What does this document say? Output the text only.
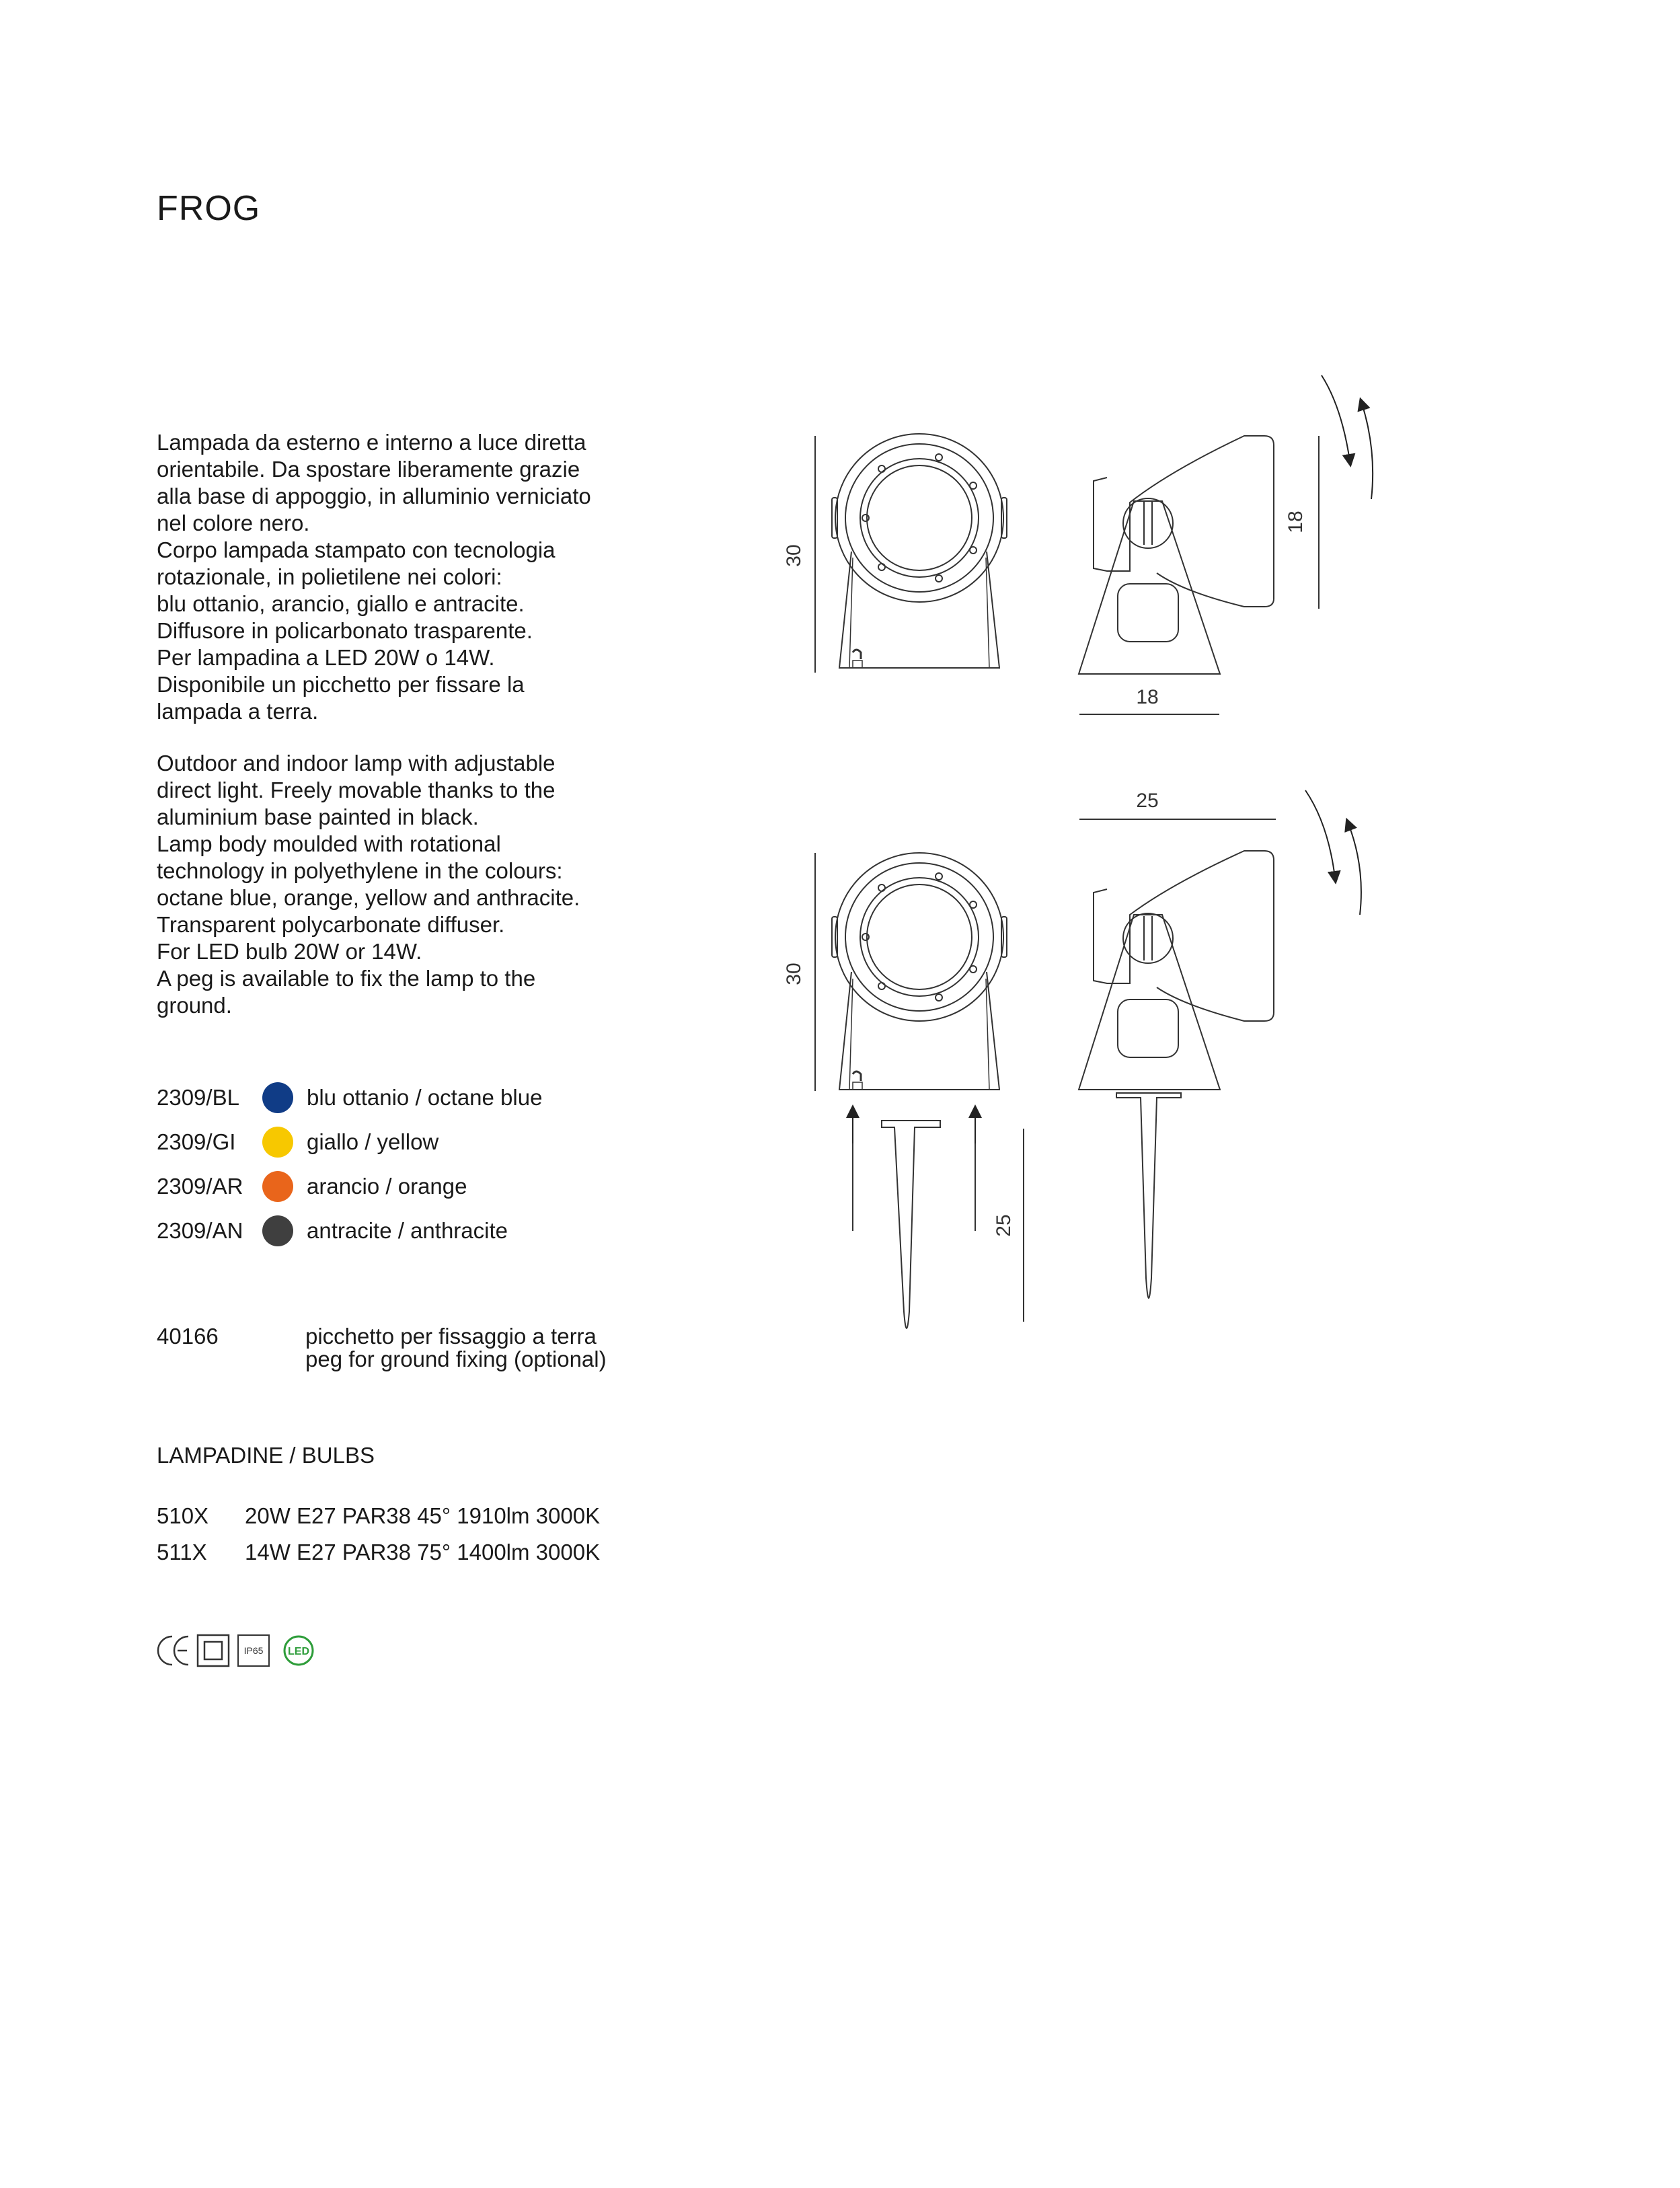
FROG

Lampada da esterno e interno a luce diretta

orientabile. Da spostare liberamente grazie

alla base di appoggio, in alluminio verniciato

nel colore nero.

Corpo lampada stampato con tecnologia

rotazionale, in polietilene nei colori:

blu ottanio, arancio, giallo e antracite.

Diffusore in policarbonato trasparente.

Per lampadina a LED 20W o 14W.

Disponibile un picchetto per fissare la

lampada a terra.

Outdoor and indoor lamp with adjustable

direct light. Freely movable thanks to the

aluminium base painted in black.

Lamp body moulded with rotational

technology in polyethylene in the colours:

octane blue, orange, yellow and anthracite.

Transparent polycarbonate diffuser.

For LED bulb 20W or 14W.

A peg is available to fix the lamp to the

ground.

2309/BL	blu ottanio / octane blue
2309/GI	giallo / yellow
2309/AR	arancio / orange
2309/AN	antracite / anthracite
40166	picchetto per fissaggio a terra
peg for ground fixing (optional)
LAMPADINE / BULBS
510X 20W E27 PAR38 45° 1910lm 3000K
511X 14W E27 PAR38 75° 1400lm 3000K
IP65 LED
30
18
18
30
25
25
